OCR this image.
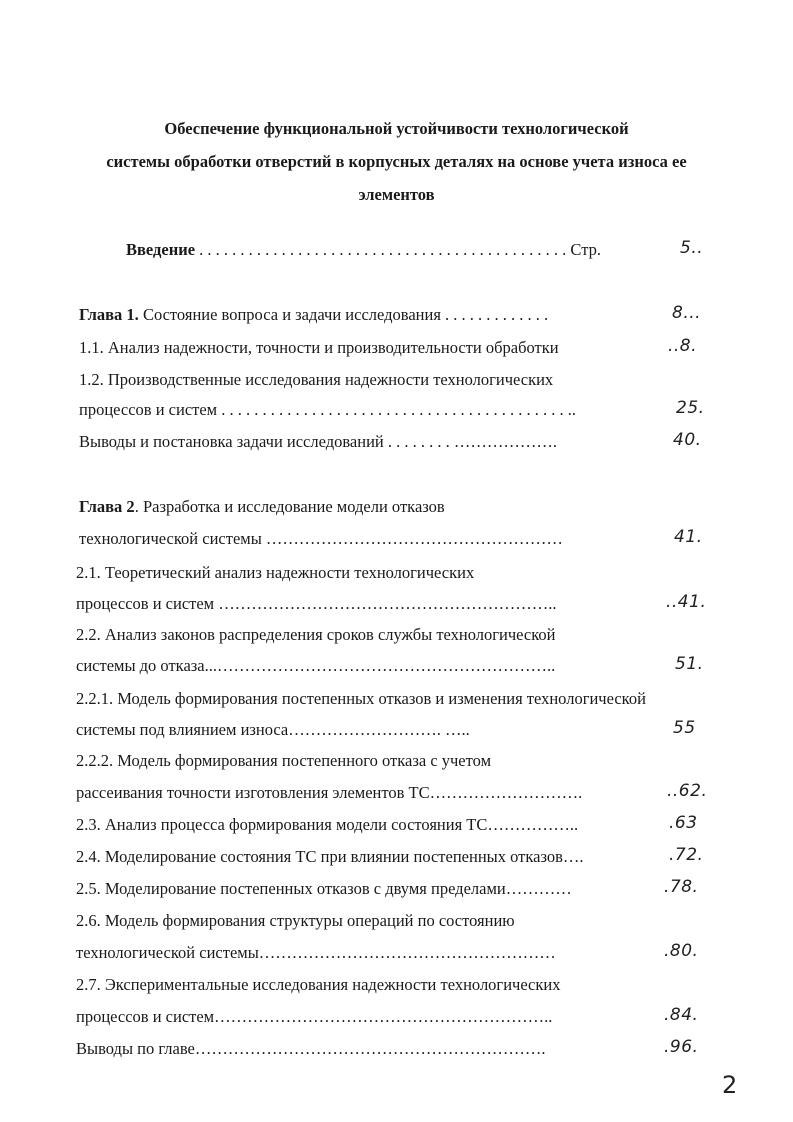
Обеспечение функциональной устойчивости технологической
системы обработки отверстий в корпусных деталях на основе учета износа ее
элементов
Введение . . . . . . . . . . . . . . . . . . . . . . . . . . . . . . . . . . . . . . . . . . . . . Стр.	5..
Глава 1. Состояние вопроса и задачи исследования . . . . . . . . . . . . .	8...
1.1. Анализ надежности, точности и производительности обработки	..8.
1.2. Производственные исследования надежности технологических
процессов и систем . . . . . . . . . . . . . . . . . . . . . . . . . . . . . . . . . . . . . . . . . . ..	25.
Выводы и постановка задачи исследований . . . . . . . . ……………….	40.
Глава 2. Разработка и исследование модели отказов
технологической системы ………………………………………………	41.
2.1. Теоретический анализ надежности технологических
процессов и систем ……………………………………………………..	..41.
2.2. Анализ законов распределения сроков службы технологической
системы до отказа...……………………………………………………..	51.
2.2.1. Модель формирования постепенных отказов и изменения технологической
системы под влиянием износа………………………. …..	55
2.2.2. Модель формирования постепенного отказа с учетом
рассеивания точности изготовления элементов ТС……………………….	..62.
2.3. Анализ процесса формирования модели состояния ТС……………..	.63
2.4. Моделирование состояния ТС при влиянии постепенных отказов….	.72.
2.5. Моделирование постепенных отказов с двумя пределами…………	.78.
2.6. Модель формирования структуры операций по состоянию
технологической системы………………………………………………	.80.
2.7. Экспериментальные исследования надежности технологических
процессов и систем……………………………………………………..	.84.
Выводы по главе……………………………………………………….	.96.
2
